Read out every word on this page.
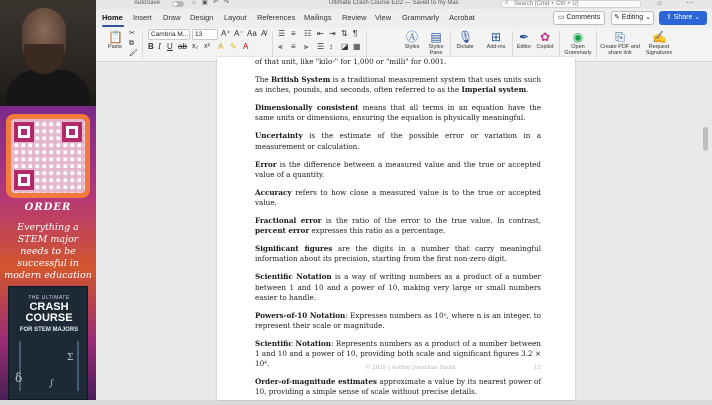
ORDER
Everything a STEM major needs to be successful in modern education
THE ULTIMATE
CRASH COURSE
FOR STEM MAJORS
δ
Σ
∫
AutoSave	⌂ ▣ ↶ ↷	Ultimate Crash Course ED2 — Saved to my Mac	⌕ Search (Cmd + Ctrl + U)	☺	⋯
Home Insert Draw Design Layout References Mailings Review View Grammarly Acrobat	▭ Comments	✎ Editing ⌄	⇪ Share ⌄
📋
Paste
✂
⧉
🖌
Cambria M...	13	A⁺ A⁻ Aa A̸
B I U ab x₂ x² A ✎ A
☰ ≡ ☷ ⇤ ⇥ ⇅ ¶
⫷ ≡ ⫸ ☰ ↕ ◪ ▦
Ⓐ
Styles
▤
Styles Pane
🎙
Dictate
⊞
Add-ins
✒
Editor
✿
Copilot
◉
Open Grammarly
⎘
Create PDF and share link
✍
Request Signatures

of that unit, like "kilo-" for 1,000 or "milli" for 0.001.

The British System is a traditional measurement system that uses units such as inches, pounds, and seconds, often referred to as the Imperial system.

Dimensionally consistent means that all terms in an equation have the same units or dimensions, ensuring the equation is physically meaningful.

Uncertainty is the estimate of the possible error or variation in a measurement or calculation.

Error is the difference between a measured value and the true or accepted value of a quantity.

Accuracy refers to how close a measured value is to the true or accepted value.

Fractional error is the ratio of the error to the true value. In contrast, percent error expresses this ratio as a percentage.

Significant figures are the digits in a number that carry meaningful information about its precision, starting from the first non-zero digit.

Scientific Notation is a way of writing numbers as a product of a number between 1 and 10 and a power of 10, making very large or small numbers easier to handle.

Powers-of-10 Notation: Expresses numbers as 10ⁿ, where n is an integer, to represent their scale or magnitude.

Scientific Notation: Represents numbers as a product of a number between 1 and 10 and a power of 10, providing both scale and significant figures 3.2 × 10⁴.

Order-of-magnitude estimates approximate a value by its nearest power of 10, providing a simple sense of scale without precise details.

© 2025 | Author Jonathan David	15
